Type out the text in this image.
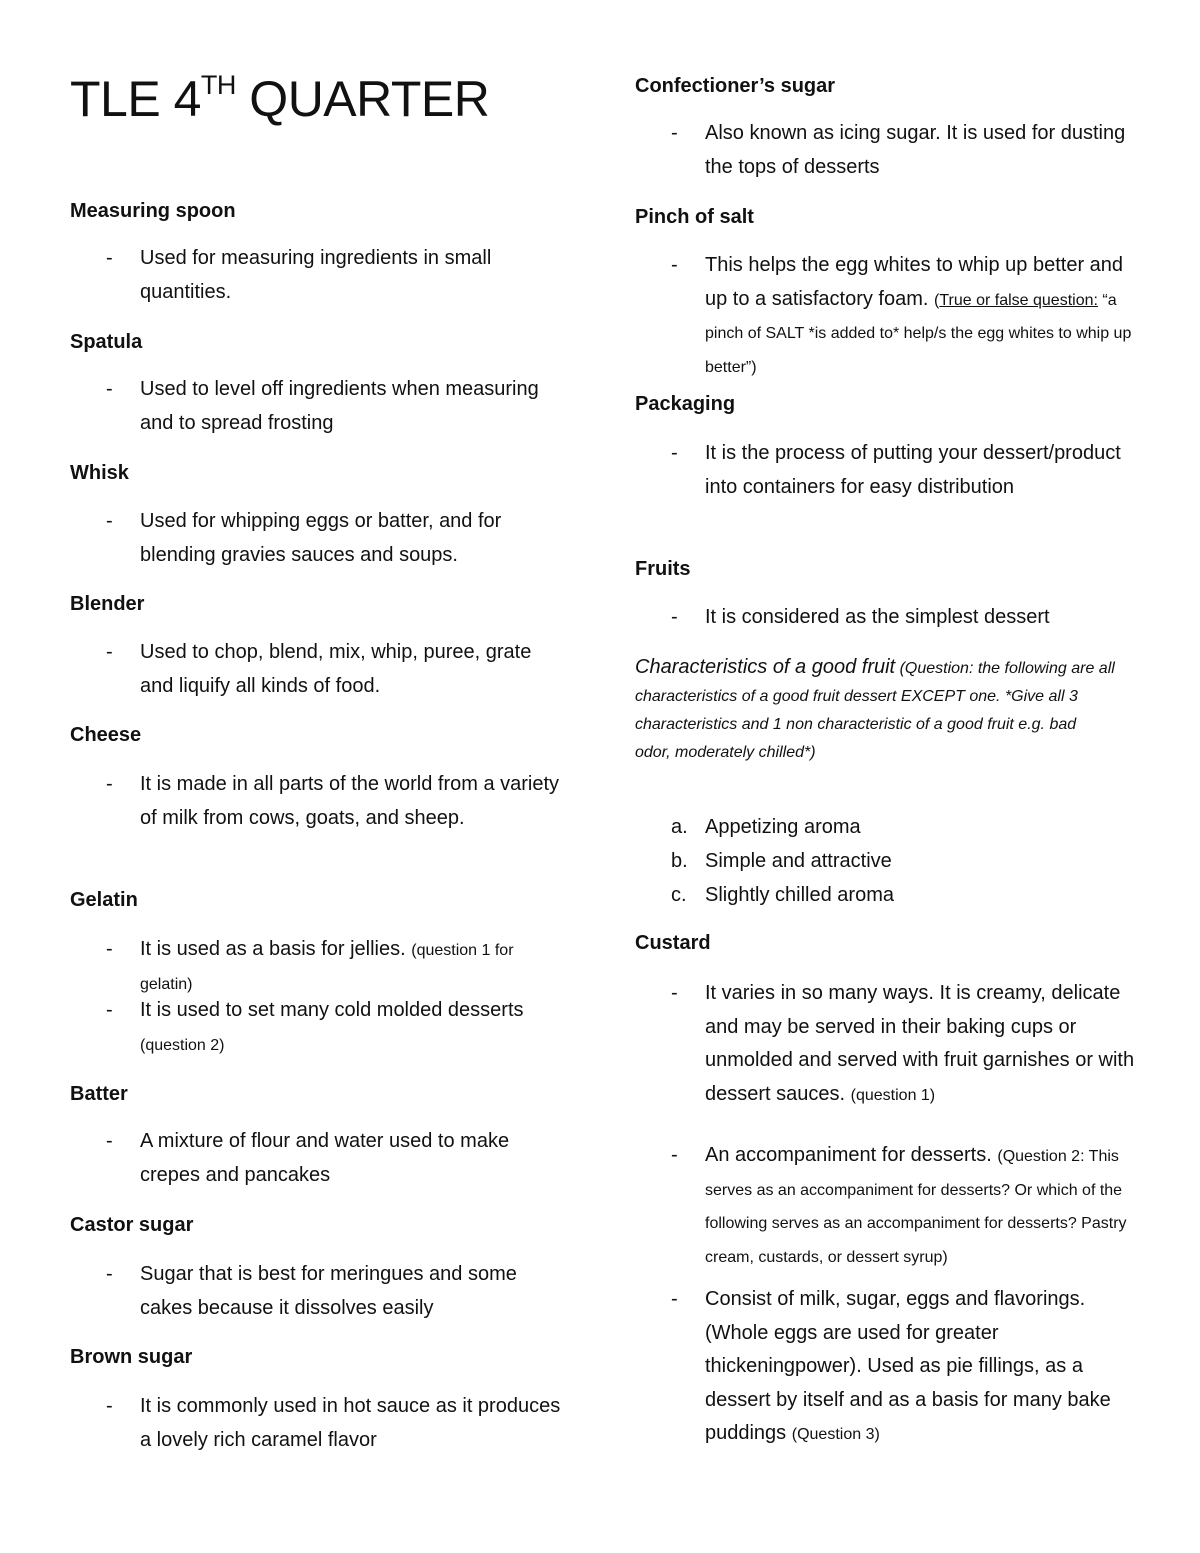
TLE 4TH QUARTER

Measuring spoon

- Used for measuring ingredients in small quantities.

Spatula

- Used to level off ingredients when measuring and to spread frosting

Whisk

- Used for whipping eggs or batter, and for blending gravies sauces and soups.

Blender

- Used to chop, blend, mix, whip, puree, grate and liquify all kinds of food.

Cheese

- It is made in all parts of the world from a variety of milk from cows, goats, and sheep.

Gelatin

- It is used as a basis for jellies. (question 1 for gelatin)
- It is used to set many cold molded desserts (question 2)

Batter

- A mixture of flour and water used to make crepes and pancakes

Castor sugar

- Sugar that is best for meringues and some cakes because it dissolves easily

Brown sugar

- It is commonly used in hot sauce as it produces a lovely rich caramel flavor

Confectioner’s sugar

- Also known as icing sugar. It is used for dusting the tops of desserts

Pinch of salt

- This helps the egg whites to whip up better and up to a satisfactory foam. (True or false question: “a pinch of SALT *is added to* help/s the egg whites to whip up better”)

Packaging

- It is the process of putting your dessert/product into containers for easy distribution

Fruits

- It is considered as the simplest dessert

Characteristics of a good fruit (Question: the following are all characteristics of a good fruit dessert EXCEPT one. *Give all 3 characteristics and 1 non characteristic of a good fruit e.g. bad odor, moderately chilled*)

a. Appetizing aroma
b. Simple and attractive
c. Slightly chilled aroma

Custard

- It varies in so many ways. It is creamy, delicate and may be served in their baking cups or unmolded and served with fruit garnishes or with dessert sauces. (question 1)
- An accompaniment for desserts. (Question 2: This serves as an accompaniment for desserts? Or which of the following serves as an accompaniment for desserts? Pastry cream, custards, or dessert syrup)
- Consist of milk, sugar, eggs and flavorings. (Whole eggs are used for greater thickeningpower). Used as pie fillings, as a dessert by itself and as a basis for many bake puddings (Question 3)
